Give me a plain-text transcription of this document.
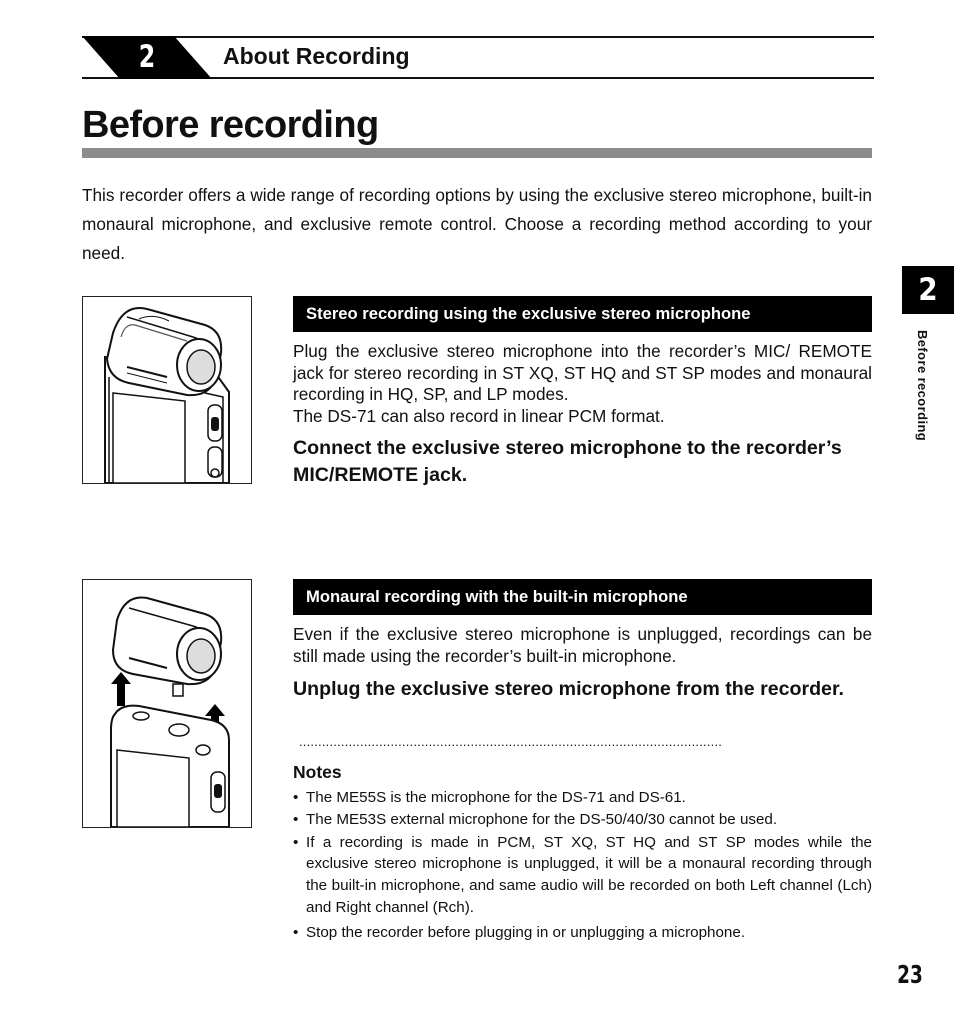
2	About Recording
Before recording
This recorder offers a wide range of recording options by using the exclusive stereo microphone, built-in monaural microphone, and exclusive remote control. Choose a recording method according to your need.
Stereo recording using the exclusive stereo microphone
Plug the exclusive stereo microphone into the recorder’s MIC/ REMOTE jack for stereo recording in ST XQ, ST HQ and ST SP modes and monaural recording in HQ, SP, and LP modes.
The DS-71 can also record in linear PCM format.
Connect the exclusive stereo microphone to the recorder’s MIC/REMOTE jack.
Monaural recording with the built-in microphone
Even if the exclusive stereo microphone is unplugged, recordings can be still made using the recorder’s built-in microphone.
Unplug the exclusive stereo microphone from the recorder.
...............................................................................................................
Notes
• The ME55S is the microphone for the DS-71 and DS-61.
• The ME53S external microphone for the DS-50/40/30 cannot be used.
• If a recording is made in PCM, ST XQ, ST HQ and ST SP modes while the exclusive stereo microphone is unplugged, it will be a monaural recording through the built-in microphone, and same audio will be recorded on both Left channel (Lch) and Right channel (Rch).
• Stop the recorder before plugging in or unplugging a microphone.
2
Before recording
23
